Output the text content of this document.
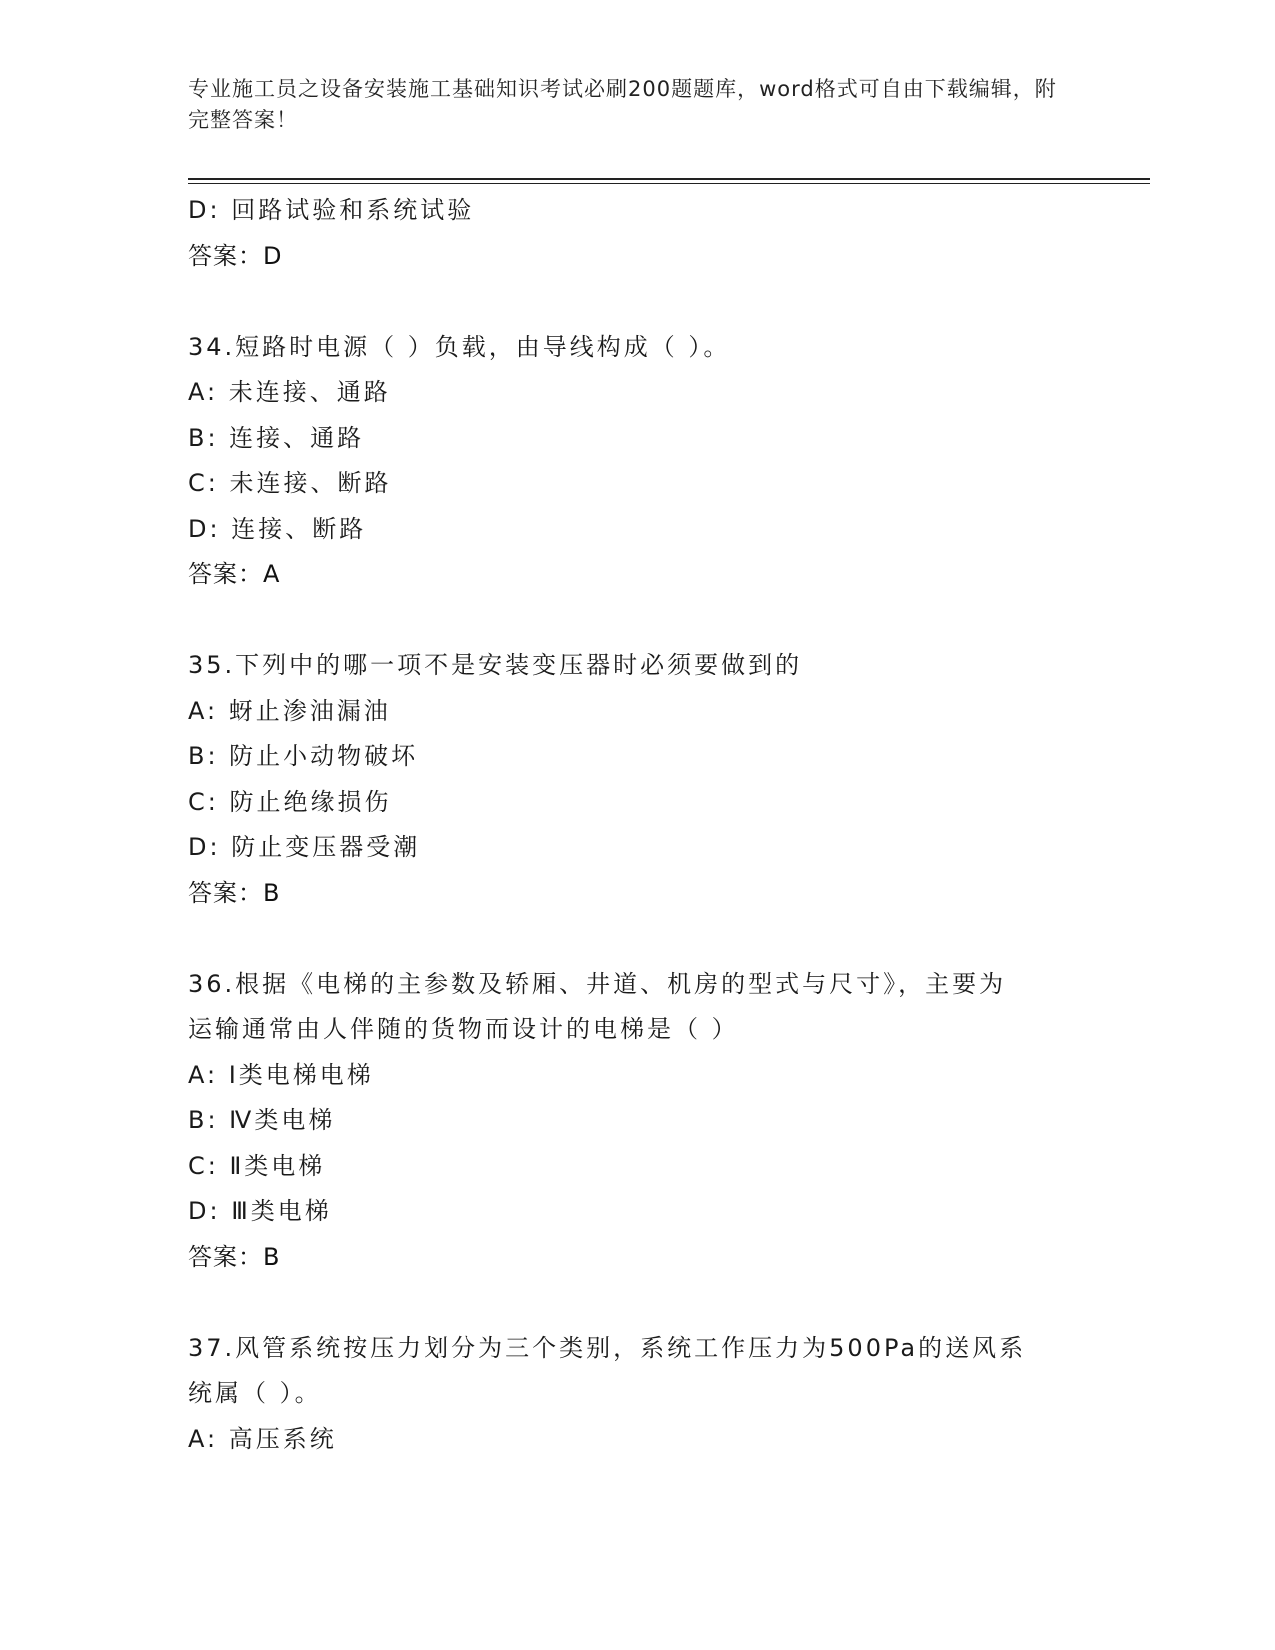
专业施工员之设备安装施工基础知识考试必刷200题题库，word格式可自由下载编辑，附完整答案！
D: 回路试验和系统试验
答案：D
34.短路时电源（ ）负载，由导线构成（ ）。
A: 未连接、通路
B: 连接、通路
C: 未连接、断路
D: 连接、断路
答案：A
35.下列中的哪一项不是安装变压器时必须要做到的
A: 蚜止渗油漏油
B: 防止小动物破坏
C: 防止绝缘损伤
D: 防止变压器受潮
答案：B
36.根据《电梯的主参数及轿厢、井道、机房的型式与尺寸》，主要为
运输通常由人伴随的货物而设计的电梯是（ ）
A: Ⅰ类电梯电梯
B: Ⅳ类电梯
C: Ⅱ类电梯
D: Ⅲ类电梯
答案：B
37.风管系统按压力划分为三个类别，系统工作压力为500Pa的送风系
统属（ ）。
A: 高压系统
